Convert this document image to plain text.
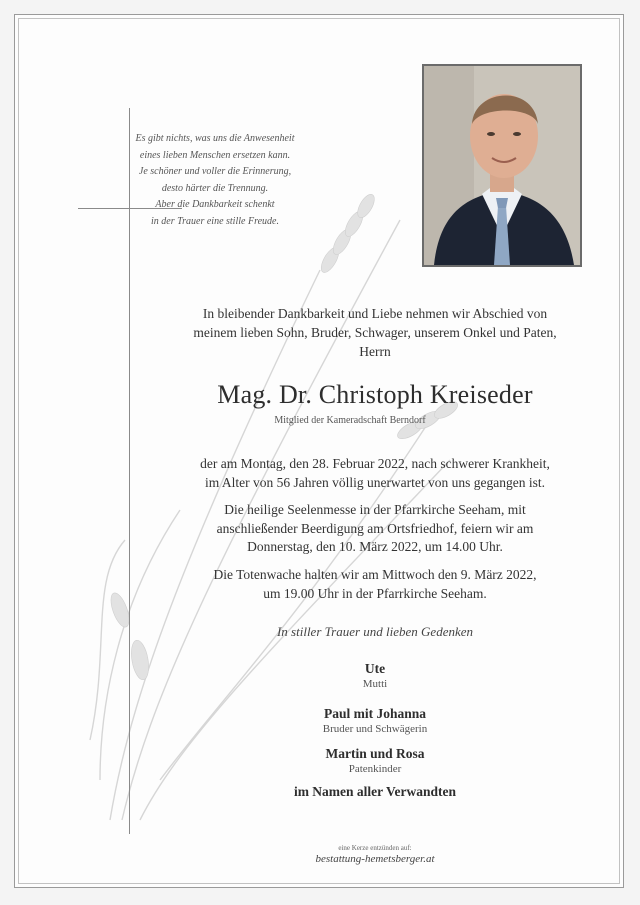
Es gibt nichts, was uns die Anwesenheit
eines lieben Menschen ersetzen kann.
Je schöner und voller die Erinnerung,
desto härter die Trennung.
Aber die Dankbarkeit schenkt
in der Trauer eine stille Freude.
In bleibender Dankbarkeit und Liebe nehmen wir Abschied von
meinem lieben Sohn, Bruder, Schwager, unserem Onkel und Paten,
Herrn
Mag. Dr. Christoph Kreiseder
Mitglied der Kameradschaft Berndorf
der am Montag, den 28. Februar 2022, nach schwerer Krankheit,
im Alter von 56 Jahren völlig unerwartet von uns gegangen ist.
Die heilige Seelenmesse in der Pfarrkirche Seeham, mit
anschließender Beerdigung am Ortsfriedhof, feiern wir am
Donnerstag, den 10. März 2022, um 14.00 Uhr.
Die Totenwache halten wir am Mittwoch den 9. März 2022,
um 19.00 Uhr in der Pfarrkirche Seeham.
In stiller Trauer und lieben Gedenken
Ute
Mutti
Paul mit Johanna
Bruder und Schwägerin
Martin und Rosa
Patenkinder
im Namen aller Verwandten
eine Kerze entzünden auf:
bestattung-hemetsberger.at
